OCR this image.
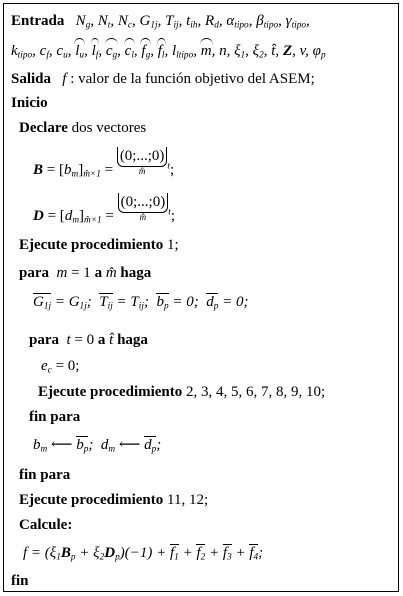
Entrada   Ng, Nt, Nc, G1j, Tij, tih, Rd, αtipo, βtipo, γtipo,
ktipo, cf, cu, lu, lf, cg, cl, fg, fl, lltipo, m, n, ξ1, ξ2, t̂, Z, v, φp
Salida   f : valor de la función objetivo del ASEM;
Inicio
Declare dos vectores
B = [bm]m̂×1 = (0;...;0)
m̂	$^t$;
D = [dm]m̂×1 = (0;...;0)
m̂	$^t$;
Ejecute procedimiento 1;
para  m = 1 a m̂ haga
G1j = G1j;  Tij = Tij;  bp = 0;  dp = 0;
para  t = 0 a t̂ haga
ec = 0;
Ejecute procedimiento 2, 3, 4, 5, 6, 7, 8, 9, 10;
fin para
bm ⟵ bp;  dm ⟵ dp;
fin para
Ejecute procedimiento 11, 12;
Calcule:
f = (ξ1Bp + ξ2Dp)(−1) + f1 + f2 + f3 + f4;
fin
